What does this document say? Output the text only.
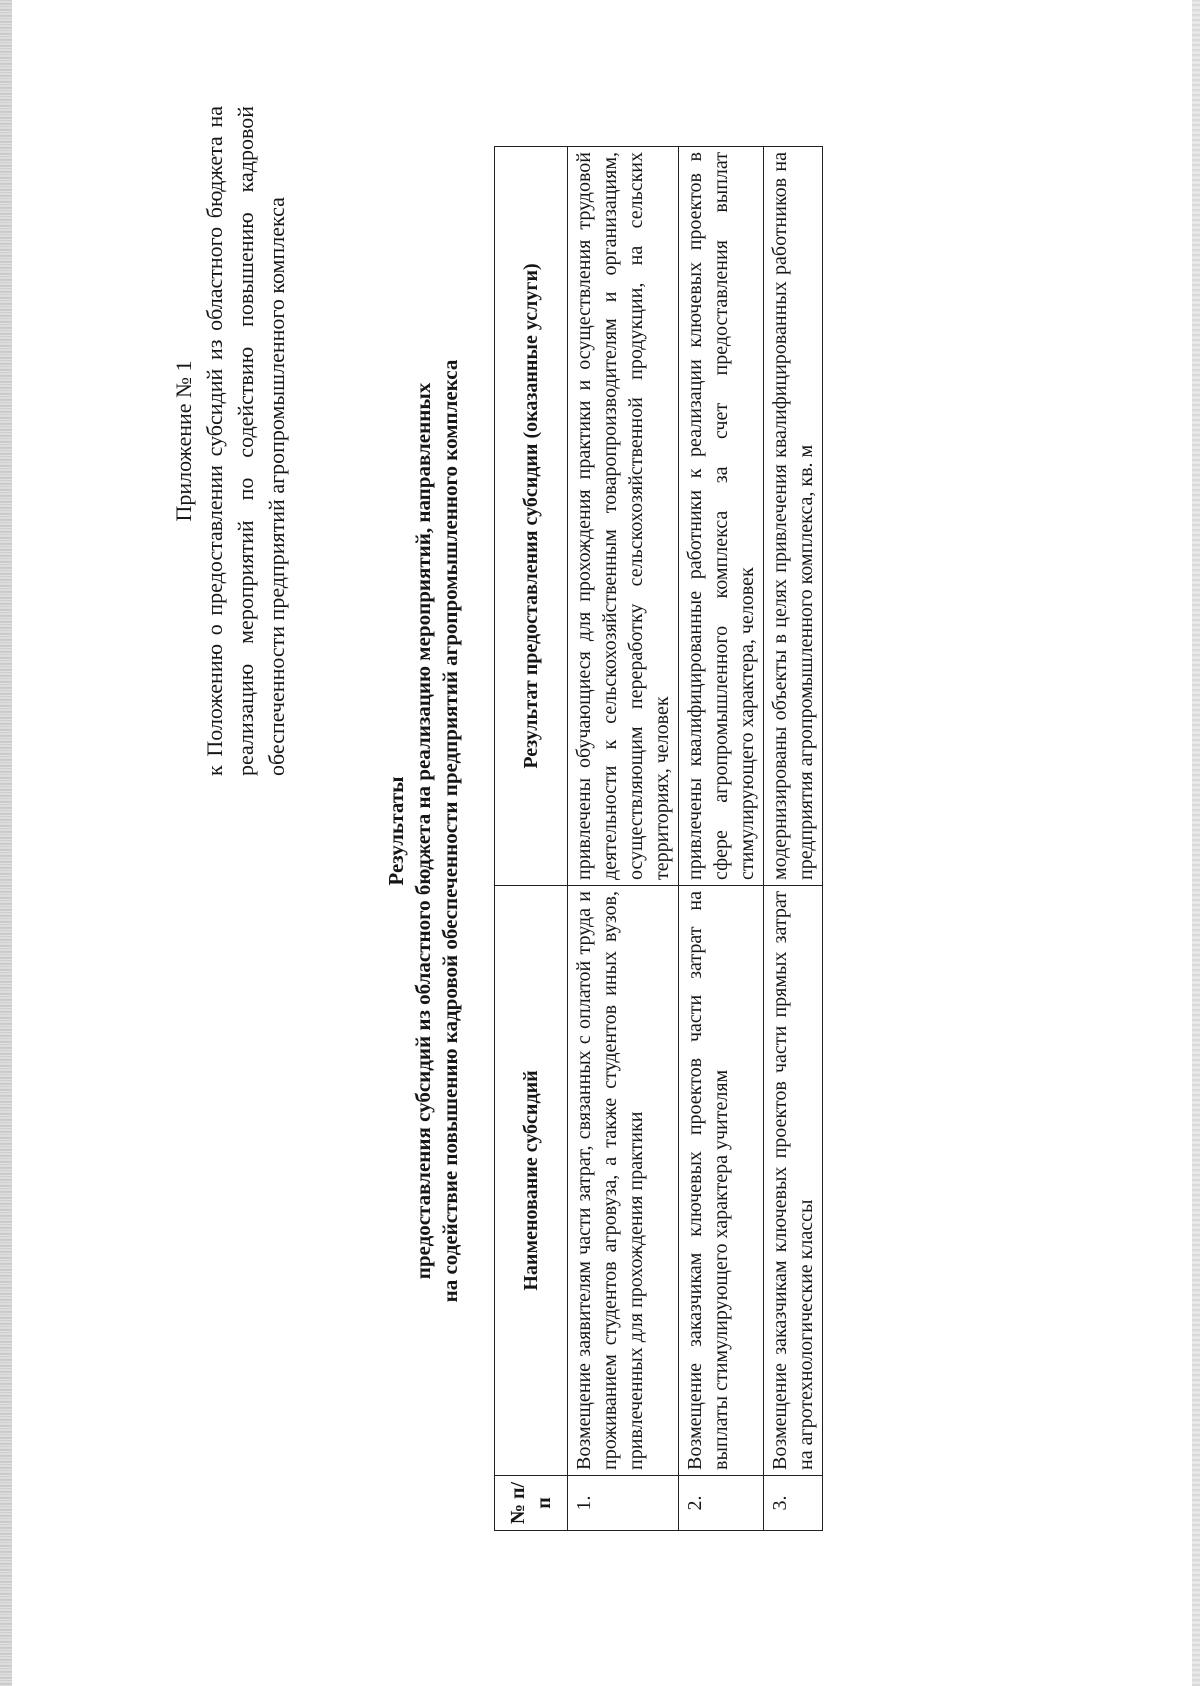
Приложение № 1 к Положению о предоставлении субсидий из областного бюджета на реализацию мероприятий по содействию повышению кадровой обеспеченности предприятий агропромышленного комплекса

Результаты предоставления субсидий из областного бюджета на реализацию мероприятий, направленных на содействие повышению кадровой обеспеченности предприятий агропромышленного комплекса

№ п/п	Наименование субсидий	Результат предоставления субсидии (оказанные услуги)
1.	Возмещение заявителям части затрат, связанных с оплатой труда и проживанием студентов агровуза, а также студентов иных вузов, привлеченных для прохождения практики	привлечены обучающиеся для прохождения практики и осуществления трудовой деятельности к сельскохозяйственным товаропроизводителям и организациям, осуществляющим переработку сельскохозяйственной продукции, на сельских территориях, человек
2.	Возмещение заказчикам ключевых проектов части затрат на выплаты стимулирующего характера учителям	привлечены квалифицированные работники к реализации ключевых проектов в сфере агропромышленного комплекса за счет предоставления выплат стимулирующего характера, человек
3.	Возмещение заказчикам ключевых проектов части прямых затрат на агротехнологические классы	модернизированы объекты в целях привлечения квалифицированных работников на предприятия агропромышленного комплекса, кв. м
